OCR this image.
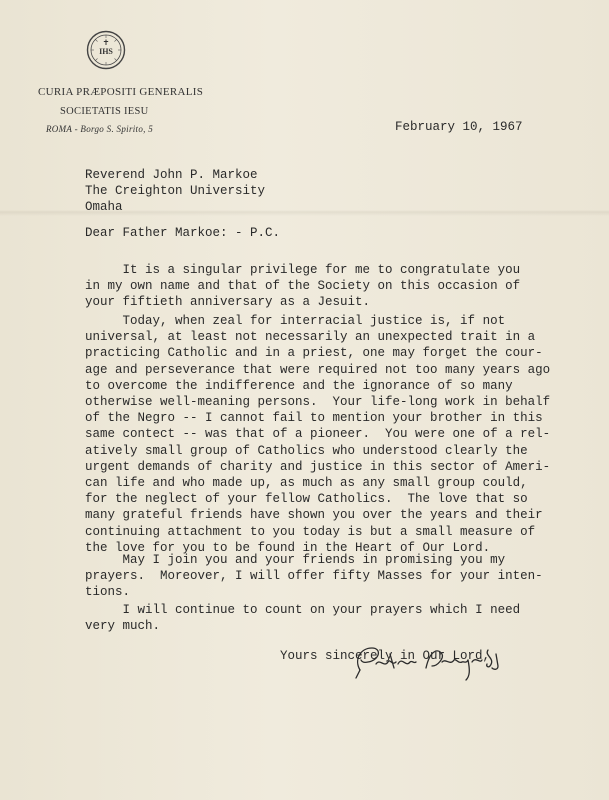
IHS
CURIA PRÆPOSITI GENERALIS
SOCIETATIS IESU
ROMA - Borgo S. Spirito, 5	February 10, 1967
Reverend John P. Markoe
The Creighton University
Omaha
Dear Father Markoe: - P.C.
It is a singular privilege for me to congratulate you
in my own name and that of the Society on this occasion of
your fiftieth anniversary as a Jesuit.
Today, when zeal for interracial justice is, if not
universal, at least not necessarily an unexpected trait in a
practicing Catholic and in a priest, one may forget the cour-
age and perseverance that were required not too many years ago
to overcome the indifference and the ignorance of so many
otherwise well-meaning persons.  Your life-long work in behalf
of the Negro -- I cannot fail to mention your brother in this
same contect -- was that of a pioneer.  You were one of a rel-
atively small group of Catholics who understood clearly the
urgent demands of charity and justice in this sector of Ameri-
can life and who made up, as much as any small group could,
for the neglect of your fellow Catholics.  The love that so
many grateful friends have shown you over the years and their
continuing attachment to you today is but a small measure of
the love for you to be found in the Heart of Our Lord.
May I join you and your friends in promising you my
prayers.  Moreover, I will offer fifty Masses for your inten-
tions.
I will continue to count on your prayers which I need
very much.
Yours sincerely in Our Lord,
